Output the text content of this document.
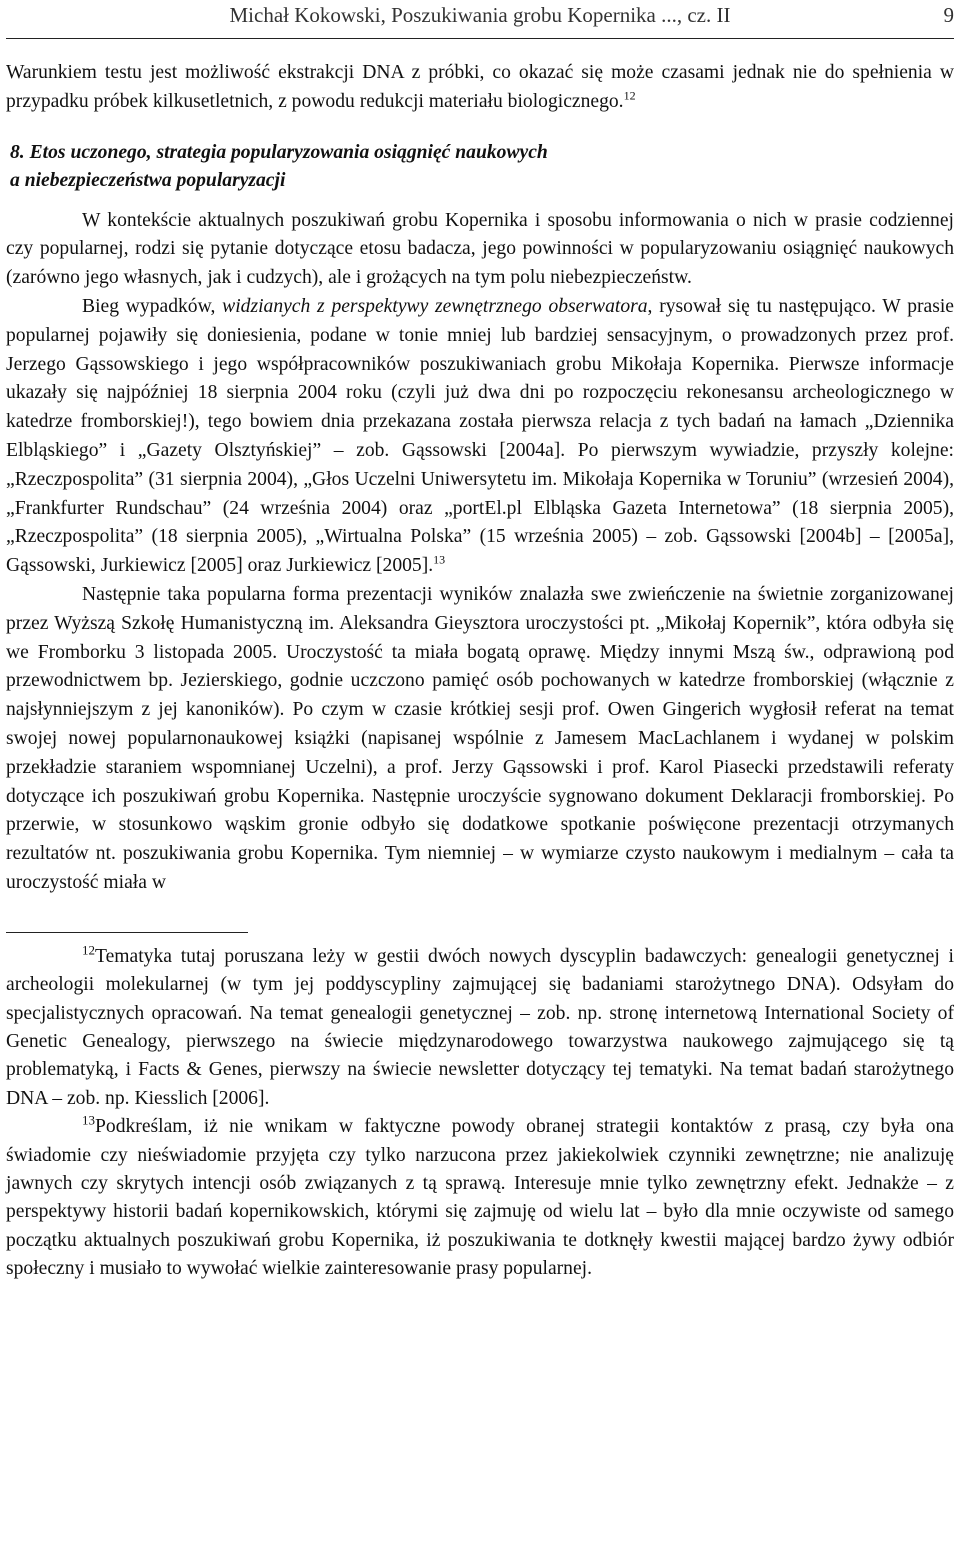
Michał Kokowski, Poszukiwania grobu Kopernika ..., cz. II	9

Warunkiem testu jest możliwość ekstrakcji DNA z próbki, co okazać się może czasami jednak nie do spełnienia w przypadku próbek kilkusetletnich, z powodu redukcji materiału biologicznego.$^{12}$

8. Etos uczonego, strategia popularyzowania osiągnięć naukowych
a niebezpieczeństwa popularyzacji

W kontekście aktualnych poszukiwań grobu Kopernika i sposobu informowania o nich w prasie codziennej czy popularnej, rodzi się pytanie dotyczące etosu badacza, jego powinności w popularyzowaniu osiągnięć naukowych (zarówno jego własnych, jak i cudzych), ale i grożących na tym polu niebezpieczeństw.

Bieg wypadków, widzianych z perspektywy zewnętrznego obserwatora, rysował się tu następująco. W prasie popularnej pojawiły się doniesienia, podane w tonie mniej lub bardziej sensacyjnym, o prowadzonych przez prof. Jerzego Gąssowskiego i jego współpracowników poszukiwaniach grobu Mikołaja Kopernika. Pierwsze informacje ukazały się najpóźniej 18 sierpnia 2004 roku (czyli już dwa dni po rozpoczęciu rekonesansu archeologicznego w katedrze fromborskiej!), tego bowiem dnia przekazana została pierwsza relacja z tych badań na łamach „Dziennika Elbląskiego” i „Gazety Olsztyńskiej” – zob. Gąssowski [2004a]. Po pierwszym wywiadzie, przyszły kolejne: „Rzeczpospolita” (31 sierpnia 2004), „Głos Uczelni Uniwersytetu im. Mikołaja Kopernika w Toruniu” (wrzesień 2004), „Frankfurter Rundschau” (24 września 2004) oraz „portEl.pl Elbląska Gazeta Internetowa” (18 sierpnia 2005), „Rzeczpospolita” (18 sierpnia 2005), „Wirtualna Polska” (15 września 2005) – zob. Gąssowski [2004b] – [2005a], Gąssowski, Jurkiewicz [2005] oraz Jurkiewicz [2005].$^{13}$

Następnie taka popularna forma prezentacji wyników znalazła swe zwieńczenie na świetnie zorganizowanej przez Wyższą Szkołę Humanistyczną im. Aleksandra Gieysztora uroczystości pt. „Mikołaj Kopernik”, która odbyła się we Fromborku 3 listopada 2005. Uroczystość ta miała bogatą oprawę. Między innymi Mszą św., odprawioną pod przewodnictwem bp. Jezierskiego, godnie uczczono pamięć osób pochowanych w katedrze fromborskiej (włącznie z najsłynniejszym z jej kanoników). Po czym w czasie krótkiej sesji prof. Owen Gingerich wygłosił referat na temat swojej nowej popularnonaukowej książki (napisanej wspólnie z Jamesem MacLachlanem i wydanej w polskim przekładzie staraniem wspomnianej Uczelni), a prof. Jerzy Gąssowski i prof. Karol Piasecki przedstawili referaty dotyczące ich poszukiwań grobu Kopernika. Następnie uroczyście sygnowano dokument Deklaracji fromborskiej. Po przerwie, w stosunkowo wąskim gronie odbyło się dodatkowe spotkanie poświęcone prezentacji otrzymanych rezultatów nt. poszukiwania grobu Kopernika. Tym niemniej – w wymiarze czysto naukowym i medialnym – cała ta uroczystość miała w

$^{12}$Tematyka tutaj poruszana leży w gestii dwóch nowych dyscyplin badawczych: genealogii genetycznej i archeologii molekularnej (w tym jej poddyscypliny zajmującej się badaniami starożytnego DNA). Odsyłam do specjalistycznych opracowań. Na temat genealogii genetycznej – zob. np. stronę internetową International Society of Genetic Genealogy, pierwszego na świecie międzynarodowego towarzystwa naukowego zajmującego się tą problematyką, i Facts & Genes, pierwszy na świecie newsletter dotyczący tej tematyki. Na temat badań starożytnego DNA – zob. np. Kiesslich [2006].

$^{13}$Podkreślam, iż nie wnikam w faktyczne powody obranej strategii kontaktów z prasą, czy była ona świadomie czy nieświadomie przyjęta czy tylko narzucona przez jakiekolwiek czynniki zewnętrzne; nie analizuję jawnych czy skrytych intencji osób związanych z tą sprawą. Interesuje mnie tylko zewnętrzny efekt. Jednakże – z perspektywy historii badań kopernikowskich, którymi się zajmuję od wielu lat – było dla mnie oczywiste od samego początku aktualnych poszukiwań grobu Kopernika, iż poszukiwania te dotknęły kwestii mającej bardzo żywy odbiór społeczny i musiało to wywołać wielkie zainteresowanie prasy popularnej.
